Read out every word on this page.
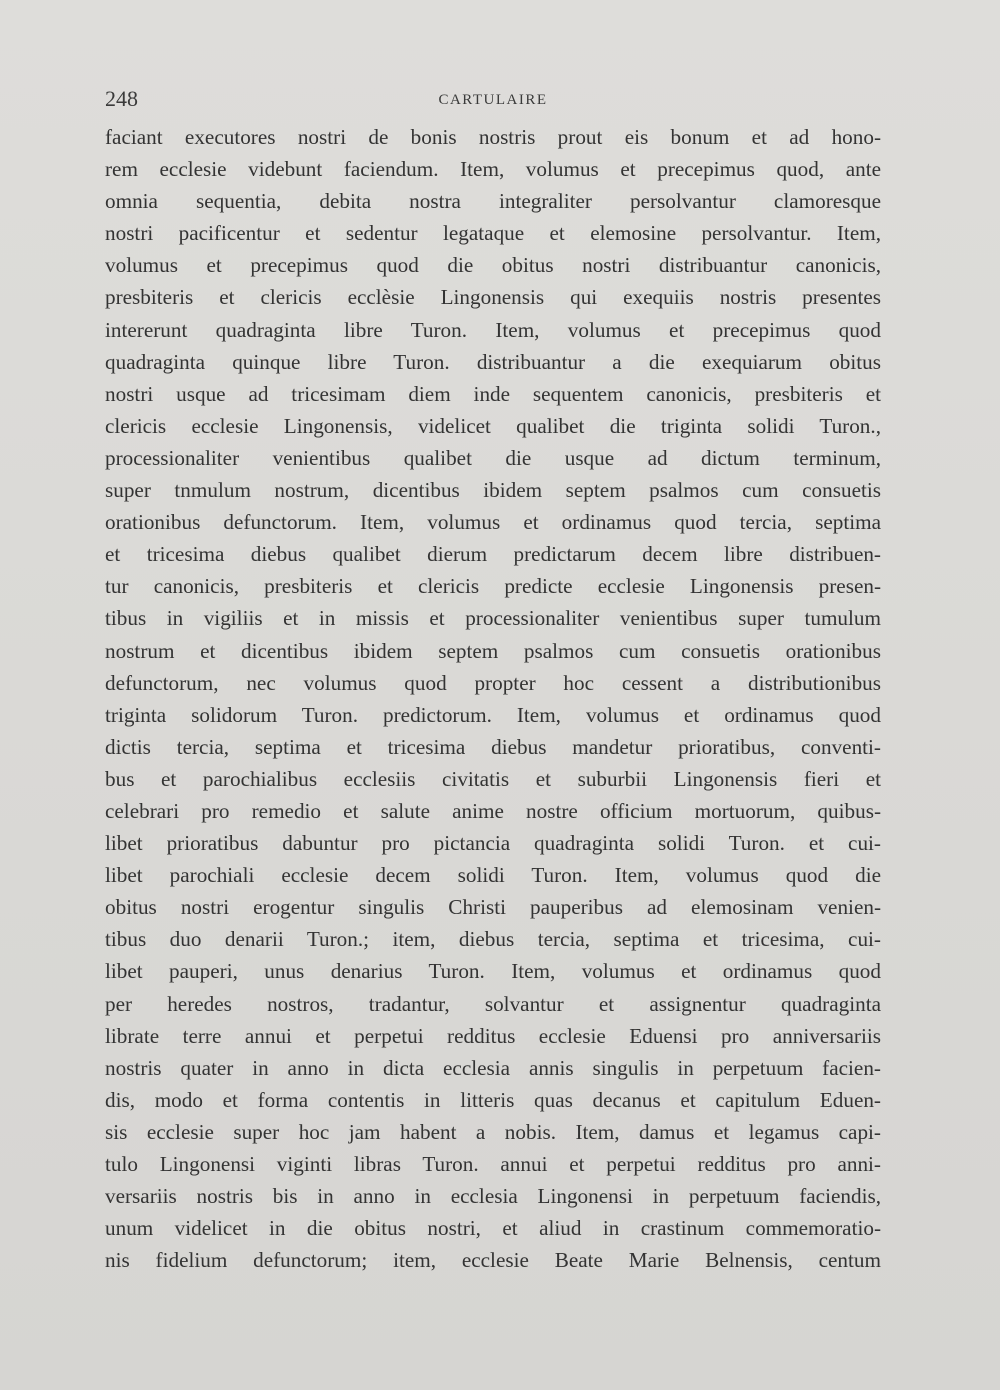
248	CARTULAIRE
faciant executores nostri de bonis nostris prout eis bonum et ad hono-
rem ecclesie videbunt faciendum. Item, volumus et precepimus quod, ante
omnia sequentia, debita nostra integraliter persolvantur clamoresque
nostri pacificentur et sedentur legataque et elemosine persolvantur. Item,
volumus et precepimus quod die obitus nostri distribuantur canonicis,
presbiteris et clericis ecclèsie Lingonensis qui exequiis nostris presentes
intererunt quadraginta libre Turon. Item, volumus et precepimus quod
quadraginta quinque libre Turon. distribuantur a die exequiarum obitus
nostri usque ad tricesimam diem inde sequentem canonicis, presbiteris et
clericis ecclesie Lingonensis, videlicet qualibet die triginta solidi Turon.,
processionaliter venientibus qualibet die usque ad dictum terminum,
super tnmulum nostrum, dicentibus ibidem septem psalmos cum consuetis
orationibus defunctorum. Item, volumus et ordinamus quod tercia, septima
et tricesima diebus qualibet dierum predictarum decem libre distribuen-
tur canonicis, presbiteris et clericis predicte ecclesie Lingonensis presen-
tibus in vigiliis et in missis et processionaliter venientibus super tumulum
nostrum et dicentibus ibidem septem psalmos cum consuetis orationibus
defunctorum, nec volumus quod propter hoc cessent a distributionibus
triginta solidorum Turon. predictorum. Item, volumus et ordinamus quod
dictis tercia, septima et tricesima diebus mandetur prioratibus, conventi-
bus et parochialibus ecclesiis civitatis et suburbii Lingonensis fieri et
celebrari pro remedio et salute anime nostre officium mortuorum, quibus-
libet prioratibus dabuntur pro pictancia quadraginta solidi Turon. et cui-
libet parochiali ecclesie decem solidi Turon. Item, volumus quod die
obitus nostri erogentur singulis Christi pauperibus ad elemosinam venien-
tibus duo denarii Turon.; item, diebus tercia, septima et tricesima, cui-
libet pauperi, unus denarius Turon. Item, volumus et ordinamus quod
per heredes nostros, tradantur, solvantur et assignentur quadraginta
librate terre annui et perpetui redditus ecclesie Eduensi pro anniversariis
nostris quater in anno in dicta ecclesia annis singulis in perpetuum facien-
dis, modo et forma contentis in litteris quas decanus et capitulum Eduen-
sis ecclesie super hoc jam habent a nobis. Item, damus et legamus capi-
tulo Lingonensi viginti libras Turon. annui et perpetui redditus pro anni-
versariis nostris bis in anno in ecclesia Lingonensi in perpetuum faciendis,
unum videlicet in die obitus nostri, et aliud in crastinum commemoratio-
nis fidelium defunctorum; item, ecclesie Beate Marie Belnensis, centum
